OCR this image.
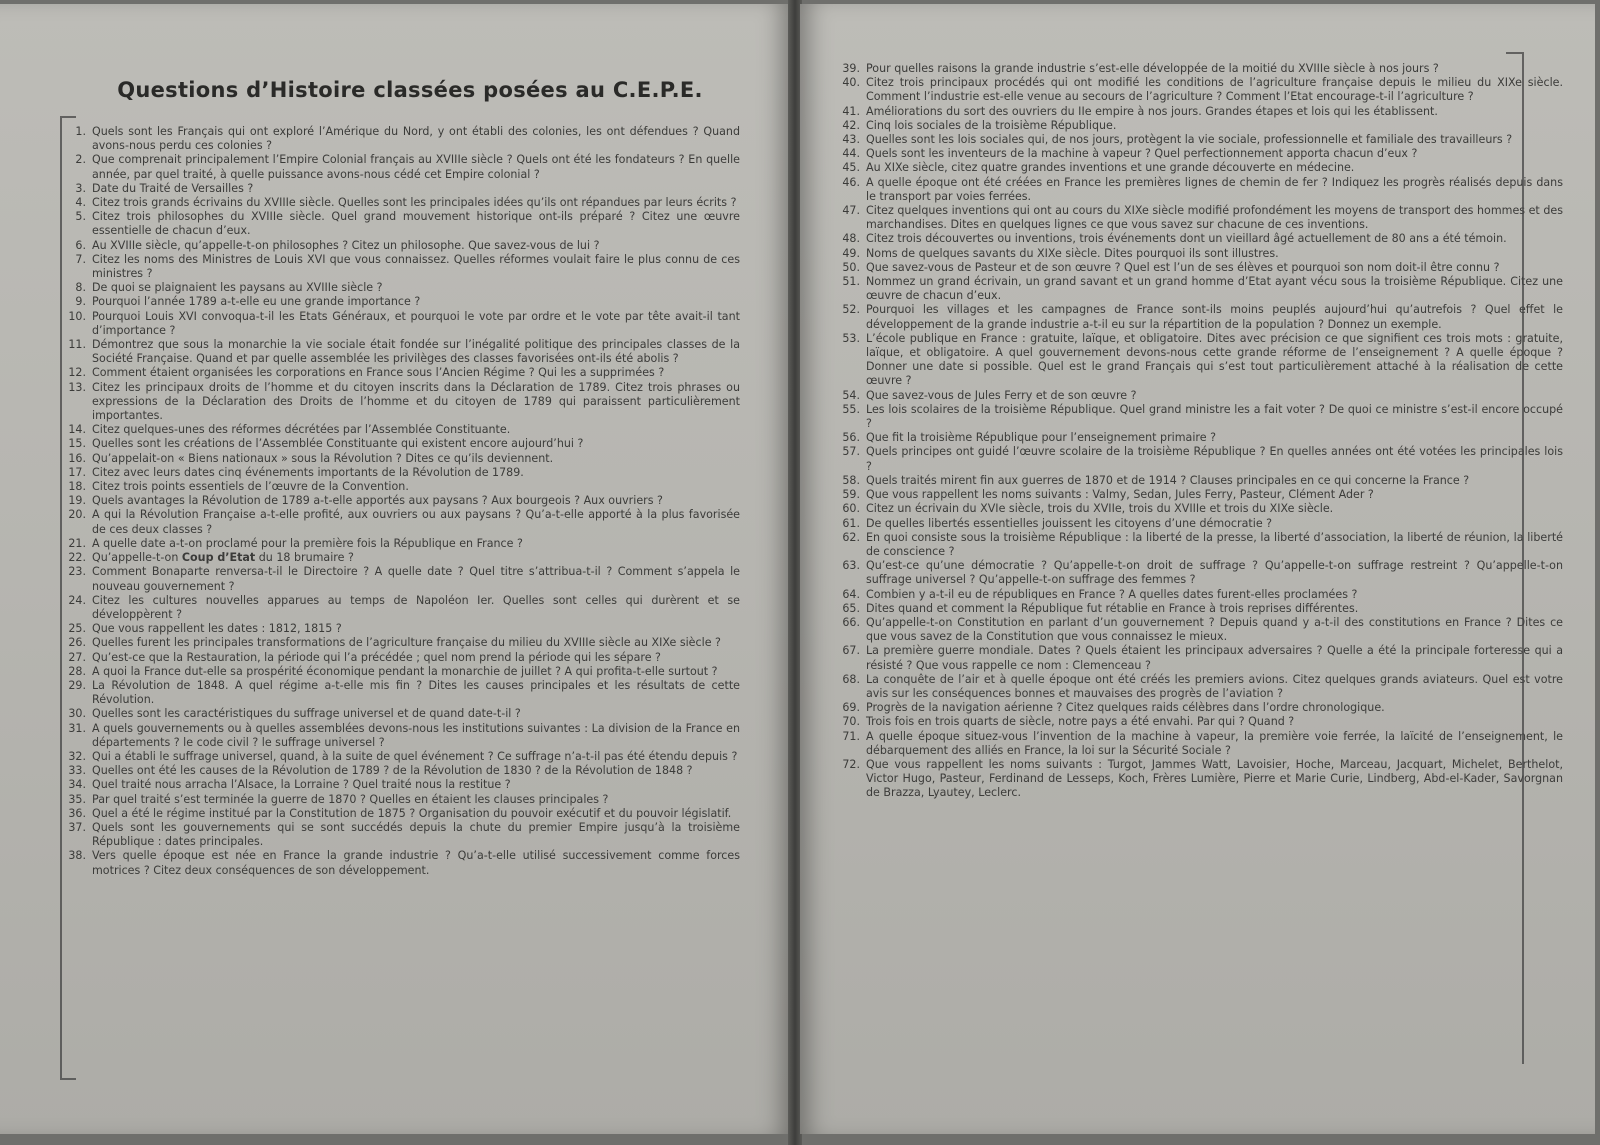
Questions d’Histoire classées posées au C.E.P.E.
1. Quels sont les Français qui ont exploré l’Amérique du Nord, y ont établi des colonies, les ont défendues ? Quand avons-nous perdu ces colonies ?
2. Que comprenait principalement l’Empire Colonial français au XVIIIe siècle ? Quels ont été les fondateurs ? En quelle année, par quel traité, à quelle puissance avons-nous cédé cet Empire colonial ?
3. Date du Traité de Versailles ?
4. Citez trois grands écrivains du XVIIIe siècle. Quelles sont les principales idées qu’ils ont répandues par leurs écrits ?
5. Citez trois philosophes du XVIIIe siècle. Quel grand mouvement historique ont-ils préparé ? Citez une œuvre essentielle de chacun d’eux.
6. Au XVIIIe siècle, qu’appelle-t-on philosophes ? Citez un philosophe. Que savez-vous de lui ?
7. Citez les noms des Ministres de Louis XVI que vous connaissez. Quelles réformes voulait faire le plus connu de ces ministres ?
8. De quoi se plaignaient les paysans au XVIIIe siècle ?
9. Pourquoi l’année 1789 a-t-elle eu une grande importance ?
10. Pourquoi Louis XVI convoqua-t-il les Etats Généraux, et pourquoi le vote par ordre et le vote par tête avait-il tant d’importance ?
11. Démontrez que sous la monarchie la vie sociale était fondée sur l’inégalité politique des principales classes de la Société Française. Quand et par quelle assemblée les privilèges des classes favorisées ont-ils été abolis ?
12. Comment étaient organisées les corporations en France sous l’Ancien Régime ? Qui les a supprimées ?
13. Citez les principaux droits de l’homme et du citoyen inscrits dans la Déclaration de 1789. Citez trois phrases ou expressions de la Déclaration des Droits de l’homme et du citoyen de 1789 qui paraissent particulièrement importantes.
14. Citez quelques-unes des réformes décrétées par l’Assemblée Constituante.
15. Quelles sont les créations de l’Assemblée Constituante qui existent encore aujourd’hui ?
16. Qu’appelait-on « Biens nationaux » sous la Révolution ? Dites ce qu’ils deviennent.
17. Citez avec leurs dates cinq événements importants de la Révolution de 1789.
18. Citez trois points essentiels de l’œuvre de la Convention.
19. Quels avantages la Révolution de 1789 a-t-elle apportés aux paysans ? Aux bourgeois ? Aux ouvriers ?
20. A qui la Révolution Française a-t-elle profité, aux ouvriers ou aux paysans ? Qu’a-t-elle apporté à la plus favorisée de ces deux classes ?
21. A quelle date a-t-on proclamé pour la première fois la République en France ?
22. Qu’appelle-t-on Coup d’Etat du 18 brumaire ?
23. Comment Bonaparte renversa-t-il le Directoire ? A quelle date ? Quel titre s’attribua-t-il ? Comment s’appela le nouveau gouvernement ?
24. Citez les cultures nouvelles apparues au temps de Napoléon Ier. Quelles sont celles qui durèrent et se développèrent ?
25. Que vous rappellent les dates : 1812, 1815 ?
26. Quelles furent les principales transformations de l’agriculture française du milieu du XVIIIe siècle au XIXe siècle ?
27. Qu’est-ce que la Restauration, la période qui l’a précédée ; quel nom prend la période qui les sépare ?
28. A quoi la France dut-elle sa prospérité économique pendant la monarchie de juillet ? A qui profita-t-elle surtout ?
29. La Révolution de 1848. A quel régime a-t-elle mis fin ? Dites les causes principales et les résultats de cette Révolution.
30. Quelles sont les caractéristiques du suffrage universel et de quand date-t-il ?
31. A quels gouvernements ou à quelles assemblées devons-nous les institutions suivantes : La division de la France en départements ? le code civil ? le suffrage universel ?
32. Qui a établi le suffrage universel, quand, à la suite de quel événement ? Ce suffrage n’a-t-il pas été étendu depuis ?
33. Quelles ont été les causes de la Révolution de 1789 ? de la Révolution de 1830 ? de la Révolution de 1848 ?
34. Quel traité nous arracha l’Alsace, la Lorraine ? Quel traité nous la restitue ?
35. Par quel traité s’est terminée la guerre de 1870 ? Quelles en étaient les clauses principales ?
36. Quel a été le régime institué par la Constitution de 1875 ? Organisation du pouvoir exécutif et du pouvoir législatif.
37. Quels sont les gouvernements qui se sont succédés depuis la chute du premier Empire jusqu’à la troisième République : dates principales.
38. Vers quelle époque est née en France la grande industrie ? Qu’a-t-elle utilisé successivement comme forces motrices ? Citez deux conséquences de son développement.
39. Pour quelles raisons la grande industrie s’est-elle développée de la moitié du XVIIIe siècle à nos jours ?
40. Citez trois principaux procédés qui ont modifié les conditions de l’agriculture française depuis le milieu du XIXe siècle. Comment l’industrie est-elle venue au secours de l’agriculture ? Comment l’Etat encourage-t-il l’agriculture ?
41. Améliorations du sort des ouvriers du IIe empire à nos jours. Grandes étapes et lois qui les établissent.
42. Cinq lois sociales de la troisième République.
43. Quelles sont les lois sociales qui, de nos jours, protègent la vie sociale, professionnelle et familiale des travailleurs ?
44. Quels sont les inventeurs de la machine à vapeur ? Quel perfectionnement apporta chacun d’eux ?
45. Au XIXe siècle, citez quatre grandes inventions et une grande découverte en médecine.
46. A quelle époque ont été créées en France les premières lignes de chemin de fer ? Indiquez les progrès réalisés depuis dans le transport par voies ferrées.
47. Citez quelques inventions qui ont au cours du XIXe siècle modifié profondément les moyens de transport des hommes et des marchandises. Dites en quelques lignes ce que vous savez sur chacune de ces inventions.
48. Citez trois découvertes ou inventions, trois événements dont un vieillard âgé actuellement de 80 ans a été témoin.
49. Noms de quelques savants du XIXe siècle. Dites pourquoi ils sont illustres.
50. Que savez-vous de Pasteur et de son œuvre ? Quel est l’un de ses élèves et pourquoi son nom doit-il être connu ?
51. Nommez un grand écrivain, un grand savant et un grand homme d’Etat ayant vécu sous la troisième République. Citez une œuvre de chacun d’eux.
52. Pourquoi les villages et les campagnes de France sont-ils moins peuplés aujourd’hui qu’autrefois ? Quel effet le développement de la grande industrie a-t-il eu sur la répartition de la population ? Donnez un exemple.
53. L’école publique en France : gratuite, laïque, et obligatoire. Dites avec précision ce que signifient ces trois mots : gratuite, laïque, et obligatoire. A quel gouvernement devons-nous cette grande réforme de l’enseignement ? A quelle époque ? Donner une date si possible. Quel est le grand Français qui s’est tout particulièrement attaché à la réalisation de cette œuvre ?
54. Que savez-vous de Jules Ferry et de son œuvre ?
55. Les lois scolaires de la troisième République. Quel grand ministre les a fait voter ? De quoi ce ministre s’est-il encore occupé ?
56. Que fit la troisième République pour l’enseignement primaire ?
57. Quels principes ont guidé l’œuvre scolaire de la troisième République ? En quelles années ont été votées les principales lois ?
58. Quels traités mirent fin aux guerres de 1870 et de 1914 ? Clauses principales en ce qui concerne la France ?
59. Que vous rappellent les noms suivants : Valmy, Sedan, Jules Ferry, Pasteur, Clément Ader ?
60. Citez un écrivain du XVIe siècle, trois du XVIIe, trois du XVIIIe et trois du XIXe siècle.
61. De quelles libertés essentielles jouissent les citoyens d’une démocratie ?
62. En quoi consiste sous la troisième République : la liberté de la presse, la liberté d’association, la liberté de réunion, la liberté de conscience ?
63. Qu’est-ce qu’une démocratie ? Qu’appelle-t-on droit de suffrage ? Qu’appelle-t-on suffrage restreint ? Qu’appelle-t-on suffrage universel ? Qu’appelle-t-on suffrage des femmes ?
64. Combien y a-t-il eu de républiques en France ? A quelles dates furent-elles proclamées ?
65. Dites quand et comment la République fut rétablie en France à trois reprises différentes.
66. Qu’appelle-t-on Constitution en parlant d’un gouvernement ? Depuis quand y a-t-il des constitutions en France ? Dites ce que vous savez de la Constitution que vous connaissez le mieux.
67. La première guerre mondiale. Dates ? Quels étaient les principaux adversaires ? Quelle a été la principale forteresse qui a résisté ? Que vous rappelle ce nom : Clemenceau ?
68. La conquête de l’air et à quelle époque ont été créés les premiers avions. Citez quelques grands aviateurs. Quel est votre avis sur les conséquences bonnes et mauvaises des progrès de l’aviation ?
69. Progrès de la navigation aérienne ? Citez quelques raids célèbres dans l’ordre chronologique.
70. Trois fois en trois quarts de siècle, notre pays a été envahi. Par qui ? Quand ?
71. A quelle époque situez-vous l’invention de la machine à vapeur, la première voie ferrée, la laïcité de l’enseignement, le débarquement des alliés en France, la loi sur la Sécurité Sociale ?
72. Que vous rappellent les noms suivants : Turgot, Jammes Watt, Lavoisier, Hoche, Marceau, Jacquart, Michelet, Berthelot, Victor Hugo, Pasteur, Ferdinand de Lesseps, Koch, Frères Lumière, Pierre et Marie Curie, Lindberg, Abd-el-Kader, Savorgnan de Brazza, Lyautey, Leclerc.
